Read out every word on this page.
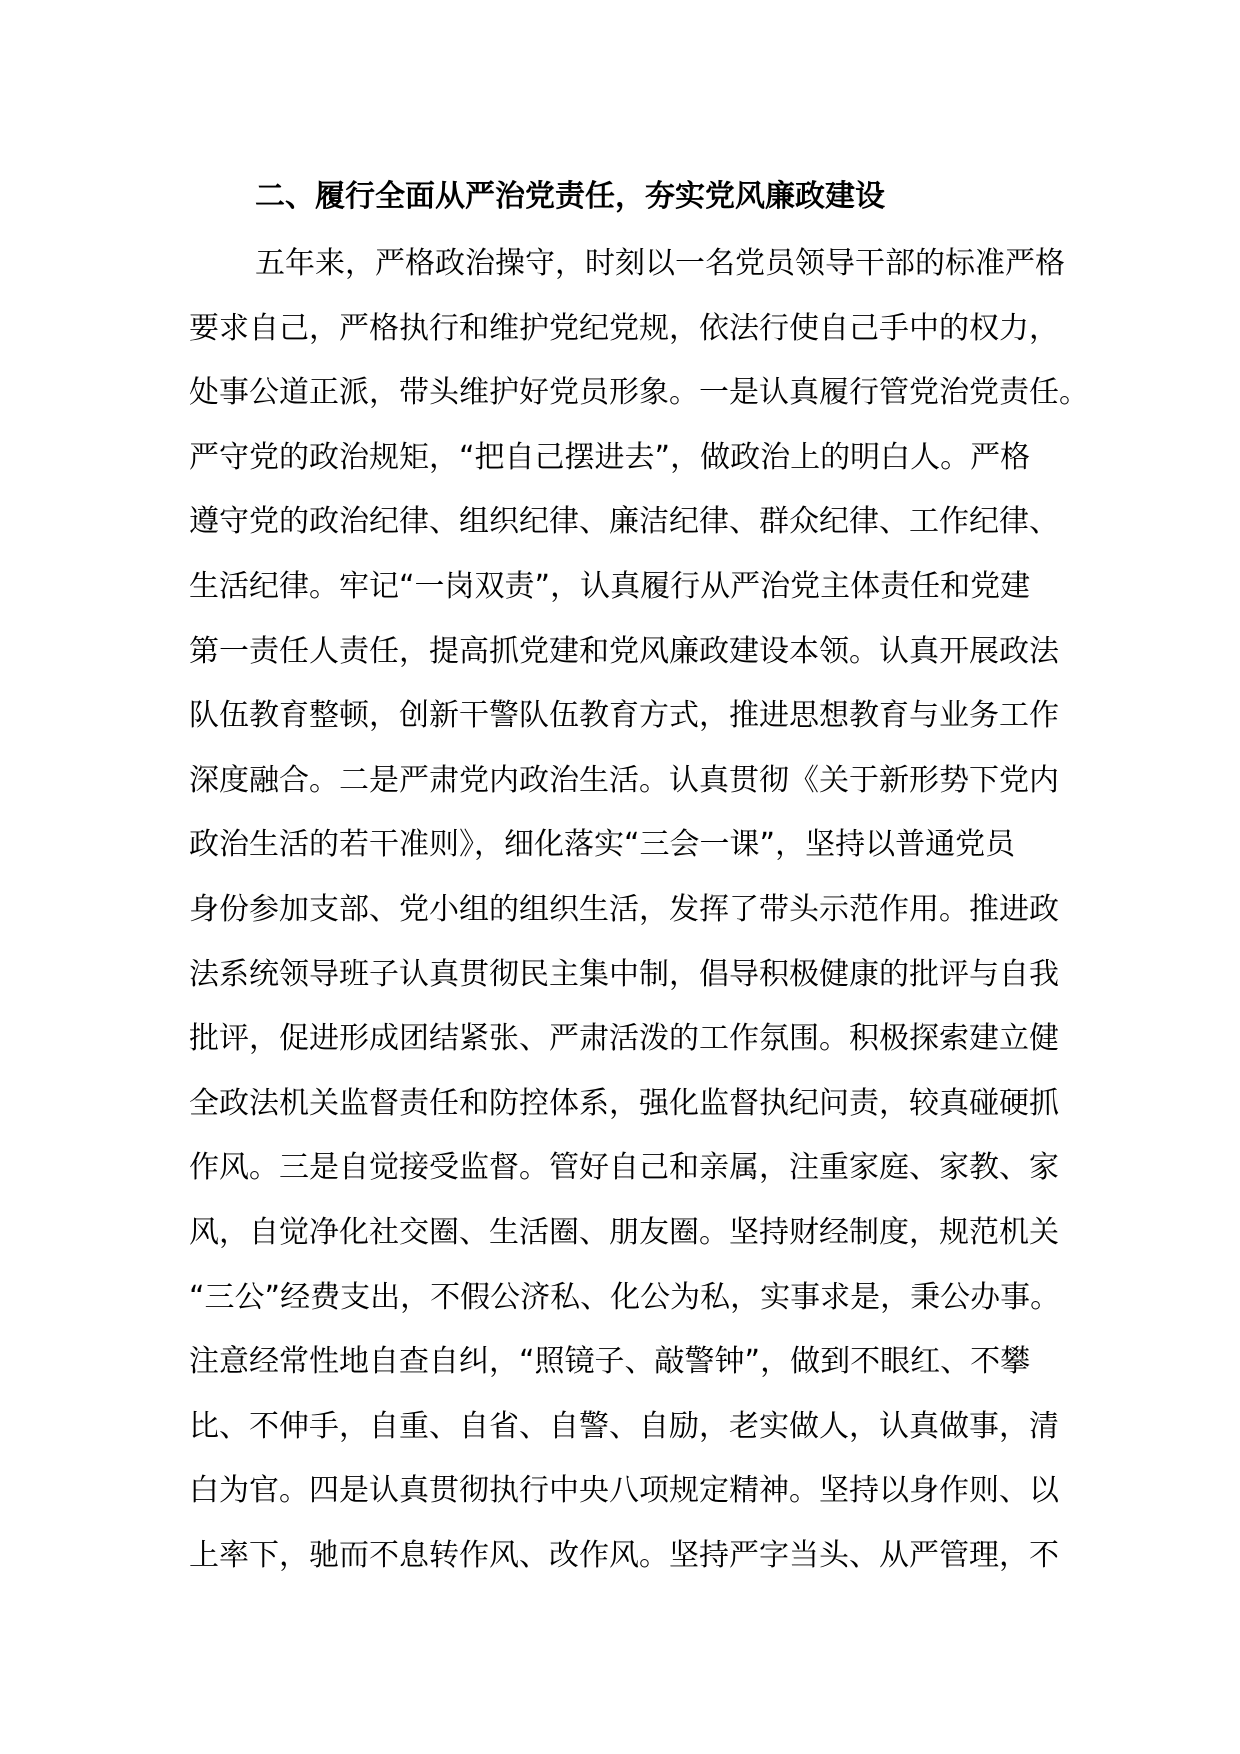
二、履行全面从严治党责任，夯实党风廉政建设
五年来，严格政治操守，时刻以一名党员领导干部的标准严格
要求自己，严格执行和维护党纪党规，依法行使自己手中的权力，
处事公道正派，带头维护好党员形象。一是认真履行管党治党责任。
严守党的政治规矩，“把自己摆进去”，做政治上的明白人。严格
遵守党的政治纪律、组织纪律、廉洁纪律、群众纪律、工作纪律、
生活纪律。牢记“一岗双责”，认真履行从严治党主体责任和党建
第一责任人责任，提高抓党建和党风廉政建设本领。认真开展政法
队伍教育整顿，创新干警队伍教育方式，推进思想教育与业务工作
深度融合。二是严肃党内政治生活。认真贯彻《关于新形势下党内
政治生活的若干准则》，细化落实“三会一课”，坚持以普通党员
身份参加支部、党小组的组织生活，发挥了带头示范作用。推进政
法系统领导班子认真贯彻民主集中制，倡导积极健康的批评与自我
批评，促进形成团结紧张、严肃活泼的工作氛围。积极探索建立健
全政法机关监督责任和防控体系，强化监督执纪问责，较真碰硬抓
作风。三是自觉接受监督。管好自己和亲属，注重家庭、家教、家
风，自觉净化社交圈、生活圈、朋友圈。坚持财经制度，规范机关
“三公”经费支出，不假公济私、化公为私，实事求是，秉公办事。
注意经常性地自查自纠，“照镜子、敲警钟”，做到不眼红、不攀
比、不伸手，自重、自省、自警、自励，老实做人，认真做事，清
白为官。四是认真贯彻执行中央八项规定精神。坚持以身作则、以
上率下，驰而不息转作风、改作风。坚持严字当头、从严管理，不
